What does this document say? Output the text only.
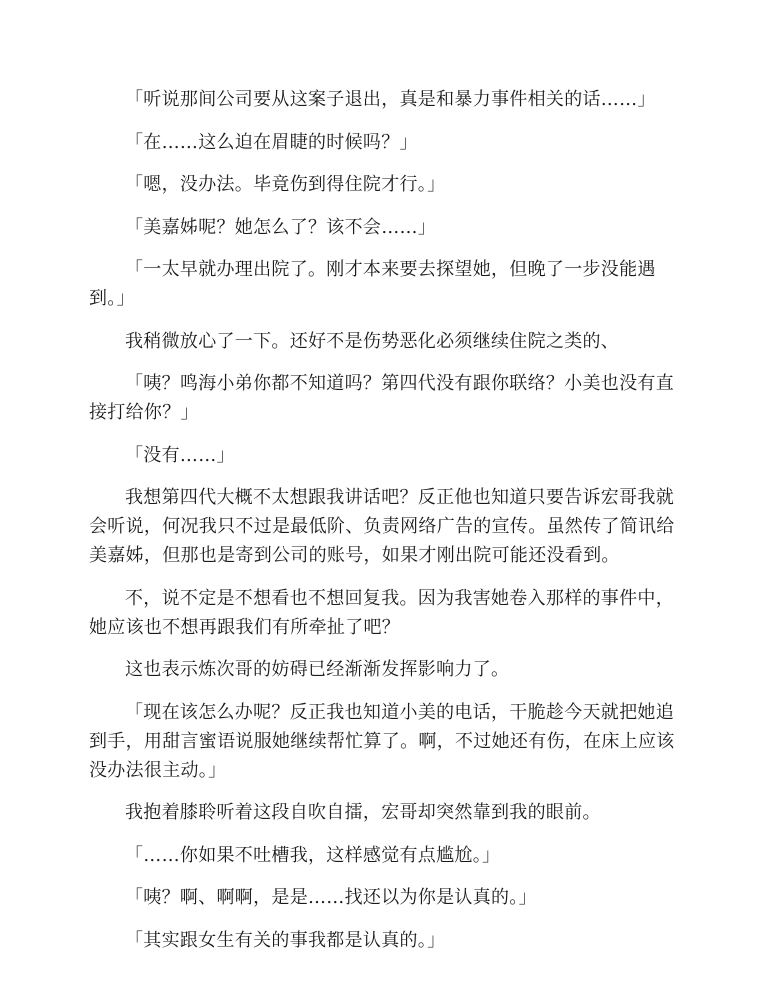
「听说那间公司要从这案子退出，真是和暴力事件相关的话……」

「在……这么迫在眉睫的时候吗？」

「嗯，没办法。毕竟伤到得住院才行。」

「美嘉姊呢？她怎么了？该不会……」

「一太早就办理出院了。刚才本来要去探望她，但晚了一步没能遇到。」

我稍微放心了一下。还好不是伤势恶化必须继续住院之类的、

「咦？鸣海小弟你都不知道吗？第四代没有跟你联络？小美也没有直接打给你？」

「没有……」

我想第四代大概不太想跟我讲话吧？反正他也知道只要告诉宏哥我就会听说，何况我只不过是最低阶、负责网络广告的宣传。虽然传了简讯给美嘉姊，但那也是寄到公司的账号，如果才刚出院可能还没看到。

不，说不定是不想看也不想回复我。因为我害她卷入那样的事件中，她应该也不想再跟我们有所牵扯了吧？

这也表示炼次哥的妨碍已经渐渐发挥影响力了。

「现在该怎么办呢？反正我也知道小美的电话，干脆趁今天就把她追到手，用甜言蜜语说服她继续帮忙算了。啊，不过她还有伤，在床上应该没办法很主动。」

我抱着膝聆听着这段自吹自擂，宏哥却突然靠到我的眼前。

「……你如果不吐槽我，这样感觉有点尴尬。」

「咦？啊、啊啊，是是……找还以为你是认真的。」

「其实跟女生有关的事我都是认真的。」
